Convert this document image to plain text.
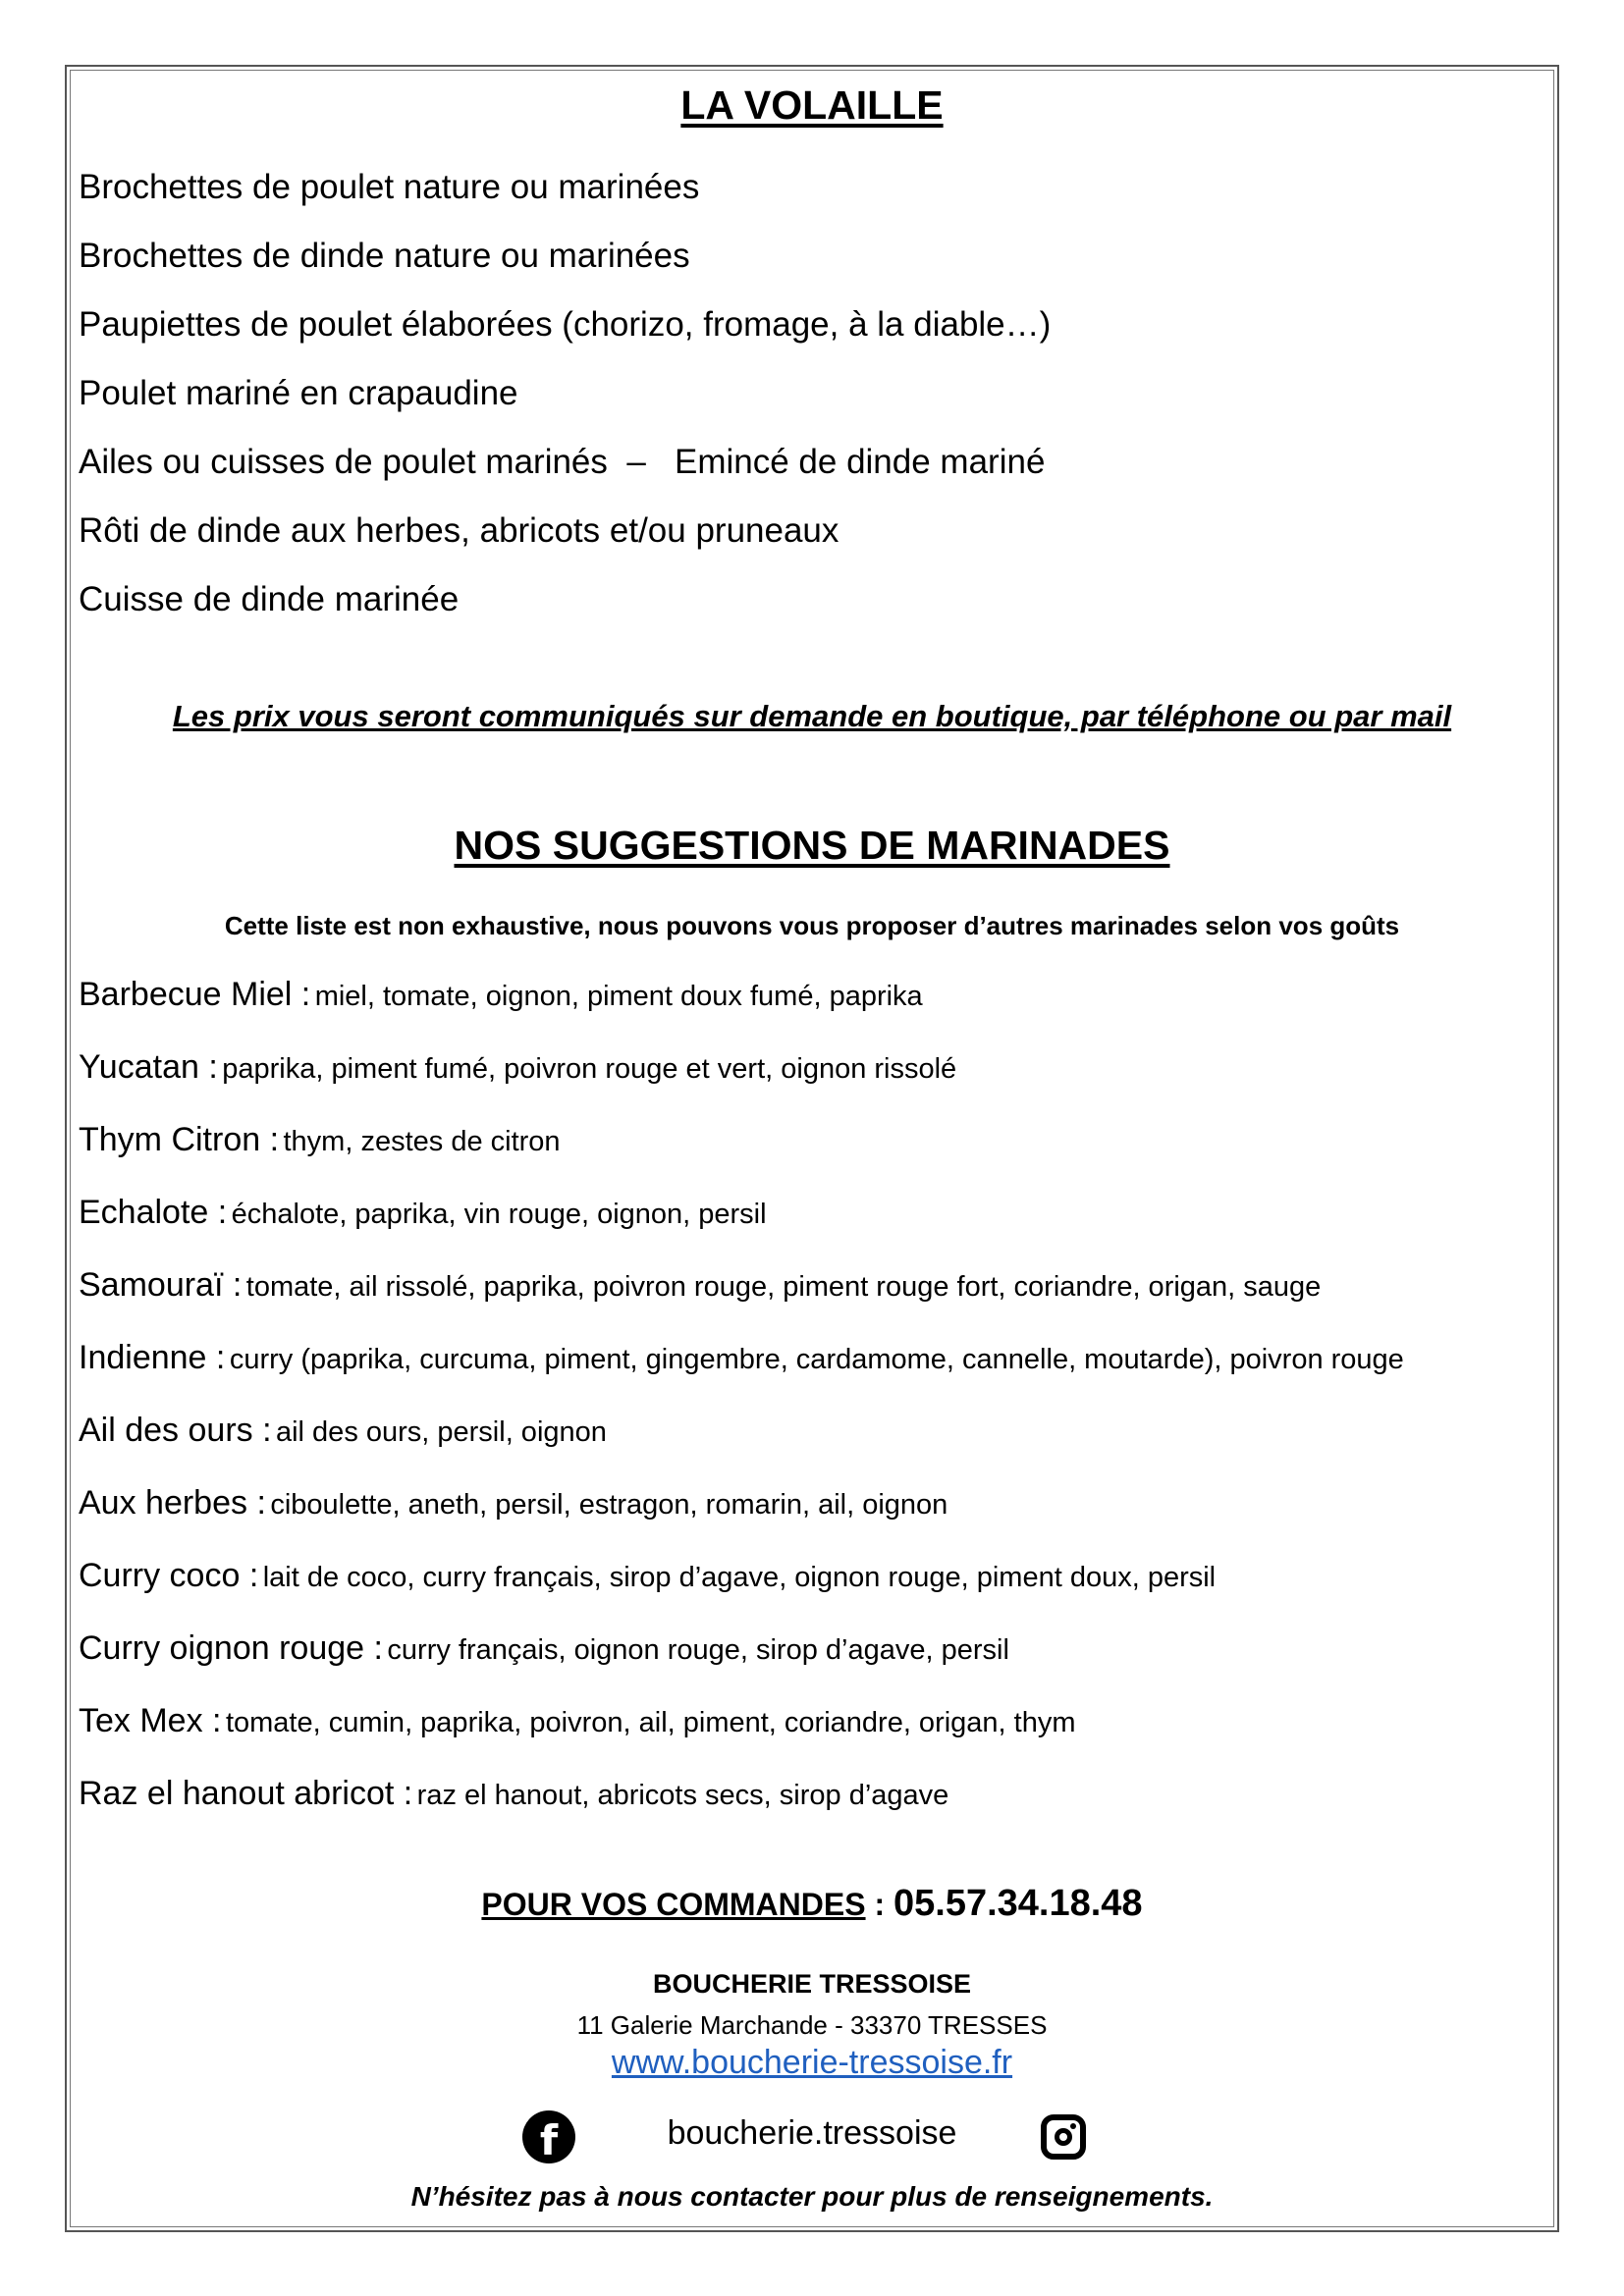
LA VOLAILLE
Brochettes de poulet nature ou marinées
Brochettes de dinde nature ou marinées
Paupiettes de poulet élaborées (chorizo, fromage, à la diable…)
Poulet mariné en crapaudine
Ailes ou cuisses de poulet marinés  –   Emincé de dinde mariné
Rôti de dinde aux herbes, abricots et/ou pruneaux
Cuisse de dinde marinée
Les prix vous seront communiqués sur demande en boutique, par téléphone ou par mail
NOS SUGGESTIONS DE MARINADES
Cette liste est non exhaustive, nous pouvons vous proposer d’autres marinades selon vos goûts
Barbecue Miel : miel, tomate, oignon, piment doux fumé, paprika
Yucatan : paprika, piment fumé, poivron rouge et vert, oignon rissolé
Thym Citron : thym, zestes de citron
Echalote : échalote, paprika, vin rouge, oignon, persil
Samouraï : tomate, ail rissolé, paprika, poivron rouge, piment rouge fort, coriandre, origan, sauge
Indienne : curry (paprika, curcuma, piment, gingembre, cardamome, cannelle, moutarde), poivron rouge
Ail des ours : ail des ours, persil, oignon
Aux herbes : ciboulette, aneth, persil, estragon, romarin, ail, oignon
Curry coco : lait de coco, curry français, sirop d’agave, oignon rouge, piment doux, persil
Curry oignon rouge : curry français, oignon rouge, sirop d’agave, persil
Tex Mex : tomate, cumin, paprika, poivron, ail, piment, coriandre, origan, thym
Raz el hanout abricot : raz el hanout, abricots secs, sirop d’agave
POUR VOS COMMANDES : 05.57.34.18.48
BOUCHERIE TRESSOISE
11 Galerie Marchande - 33370 TRESSES
www.boucherie-tressoise.fr
f	boucherie.tressoise
N’hésitez pas à nous contacter pour plus de renseignements.
